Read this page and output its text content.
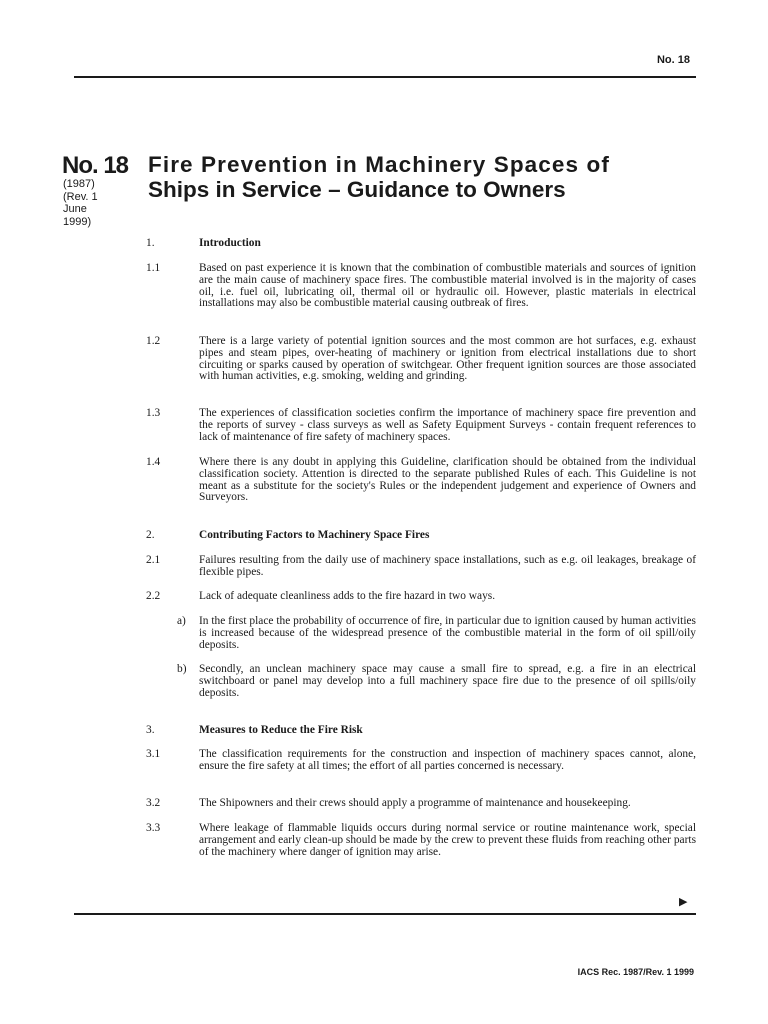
No. 18
No. 18
(1987)
(Rev. 1
June
1999)
Fire Prevention in Machinery Spaces of
Ships in Service – Guidance to Owners
1.	Introduction
1.1	Based on past experience it is known that the combination of combustible materials and sources of ignition are the main cause of machinery space fires. The combustible material involved is in the majority of cases oil, i.e. fuel oil, lubricating oil, thermal oil or hydraulic oil. However, plastic materials in electrical installations may also be combustible material causing outbreak of fires.
1.2	There is a large variety of potential ignition sources and the most common are hot surfaces, e.g. exhaust pipes and steam pipes, over-heating of machinery or ignition from electrical installations due to short circuiting or sparks caused by operation of switchgear. Other frequent ignition sources are those associated with human activities, e.g. smoking, welding and grinding.
1.3	The experiences of classification societies confirm the importance of machinery space fire prevention and the reports of survey - class surveys as well as Safety Equipment Surveys - contain frequent references to lack of maintenance of fire safety of machinery spaces.
1.4	Where there is any doubt in applying this Guideline, clarification should be obtained from the individual classification society. Attention is directed to the separate published Rules of each. This Guideline is not meant as a substitute for the society's Rules or the independent judgement and experience of Owners and Surveyors.
2.	Contributing Factors to Machinery Space Fires
2.1	Failures resulting from the daily use of machinery space installations, such as e.g. oil leakages, breakage of flexible pipes.
2.2	Lack of adequate cleanliness adds to the fire hazard in two ways.
a)	In the first place the probability of occurrence of fire, in particular due to ignition caused by human activities is increased because of the widespread presence of the combustible material in the form of oil spill/oily deposits.
b)	Secondly, an unclean machinery space may cause a small fire to spread, e.g. a fire in an electrical switchboard or panel may develop into a full machinery space fire due to the presence of oil spills/oily deposits.
3.	Measures to Reduce the Fire Risk
3.1	The classification requirements for the construction and inspection of machinery spaces cannot, alone, ensure the fire safety at all times; the effort of all parties concerned is necessary.
3.2	The Shipowners and their crews should apply a programme of maintenance and housekeeping.
3.3	Where leakage of flammable liquids occurs during normal service or routine maintenance work, special arrangement and early clean-up should be made by the crew to prevent these fluids from reaching other parts of the machinery where danger of ignition may arise.
▶
IACS Rec. 1987/Rev. 1 1999
